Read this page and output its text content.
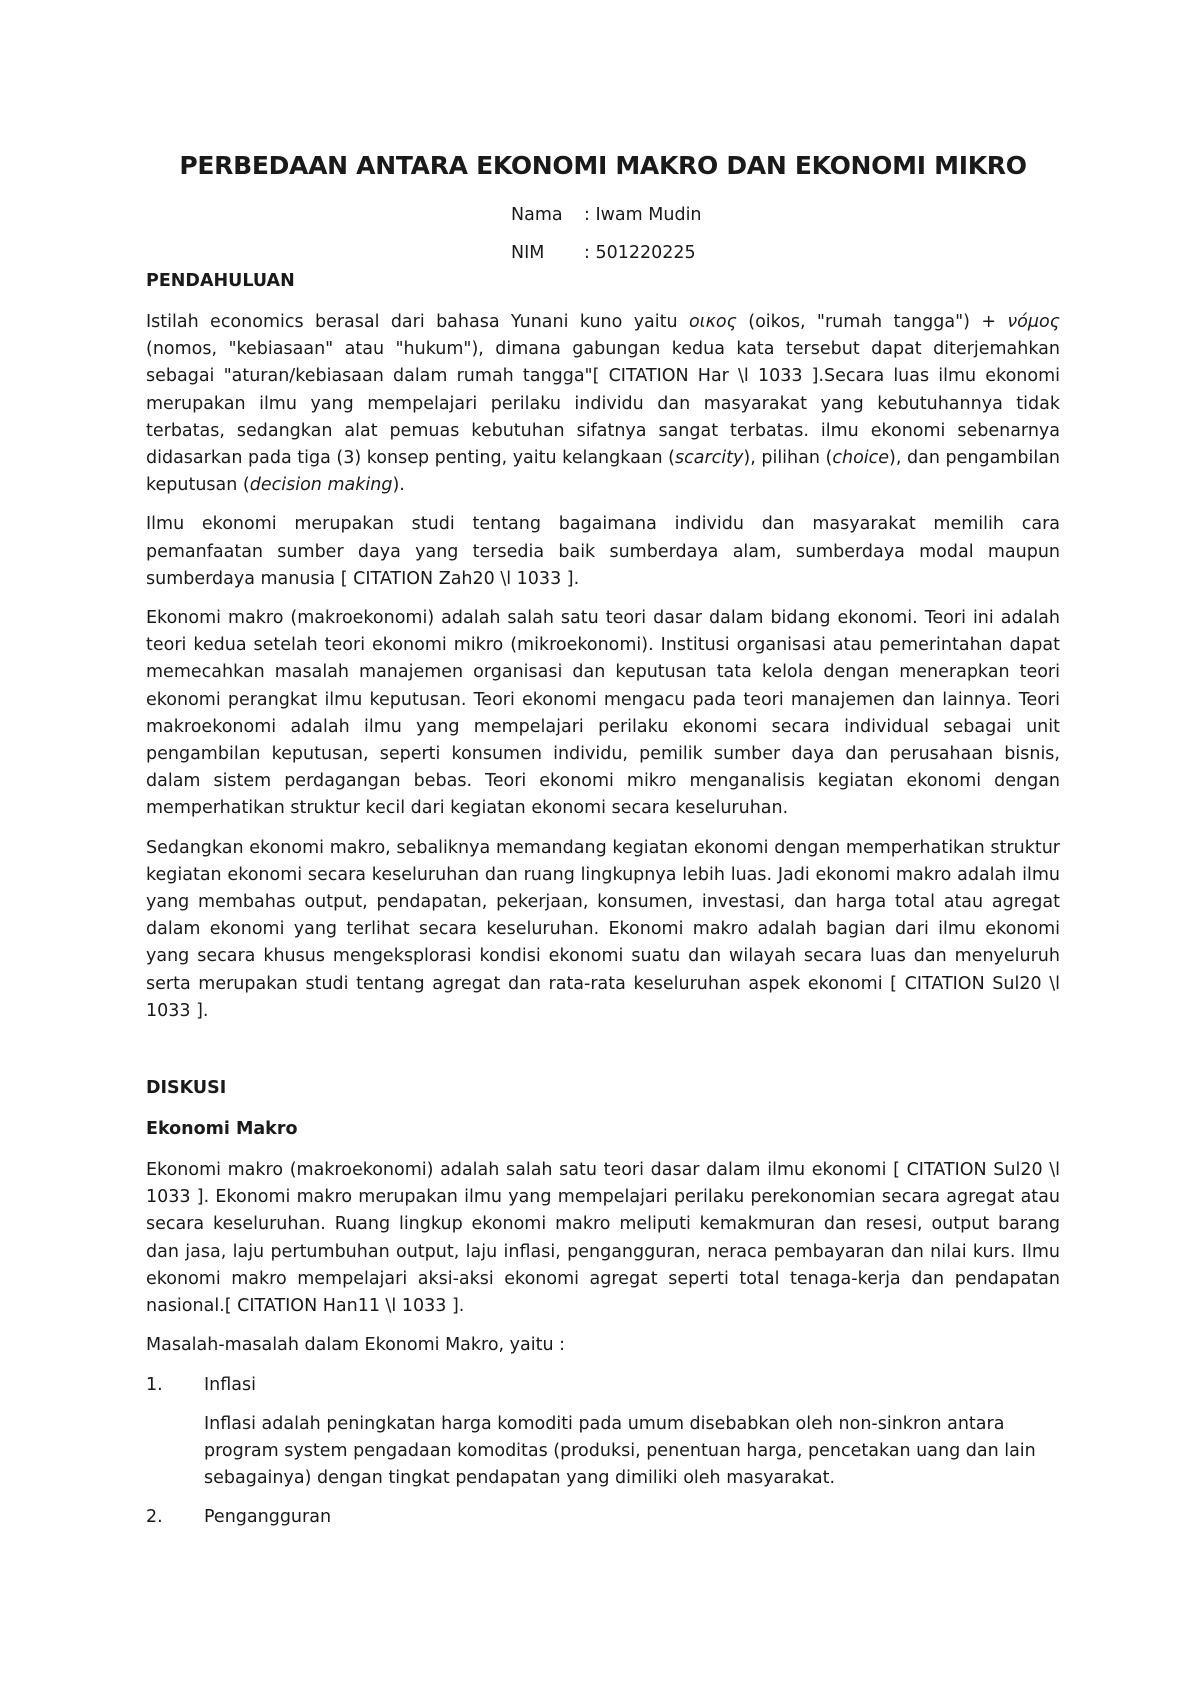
PERBEDAAN ANTARA EKONOMI MAKRO DAN EKONOMI MIKRO
Nama : Iwam Mudin
NIM : 501220225
PENDAHULUAN

Istilah economics berasal dari bahasa Yunani kuno yaitu οικος (oikos, "rumah tangga") + νόμος (nomos, "kebiasaan" atau "hukum"), dimana gabungan kedua kata tersebut dapat diterjemahkan sebagai "aturan/kebiasaan dalam rumah tangga"[ CITATION Har \l 1033 ].Secara luas ilmu ekonomi merupakan ilmu yang mempelajari perilaku individu dan masyarakat yang kebutuhannya tidak terbatas, sedangkan alat pemuas kebutuhan sifatnya sangat terbatas. ilmu ekonomi sebenarnya didasarkan pada tiga (3) konsep penting, yaitu kelangkaan (scarcity), pilihan (choice), dan pengambilan keputusan (decision making).

Ilmu ekonomi merupakan studi tentang bagaimana individu dan masyarakat memilih cara pemanfaatan sumber daya yang tersedia baik sumberdaya alam, sumberdaya modal maupun sumberdaya manusia [ CITATION Zah20 \l 1033 ].

Ekonomi makro (makroekonomi) adalah salah satu teori dasar dalam bidang ekonomi. Teori ini adalah teori kedua setelah teori ekonomi mikro (mikroekonomi). Institusi organisasi atau pemerintahan dapat memecahkan masalah manajemen organisasi dan keputusan tata kelola dengan menerapkan teori ekonomi perangkat ilmu keputusan. Teori ekonomi mengacu pada teori manajemen dan lainnya. Teori makroekonomi adalah ilmu yang mempelajari perilaku ekonomi secara individual sebagai unit pengambilan keputusan, seperti konsumen individu, pemilik sumber daya dan perusahaan bisnis, dalam sistem perdagangan bebas. Teori ekonomi mikro menganalisis kegiatan ekonomi dengan memperhatikan struktur kecil dari kegiatan ekonomi secara keseluruhan.

Sedangkan ekonomi makro, sebaliknya memandang kegiatan ekonomi dengan memperhatikan struktur kegiatan ekonomi secara keseluruhan dan ruang lingkupnya lebih luas. Jadi ekonomi makro adalah ilmu yang membahas output, pendapatan, pekerjaan, konsumen, investasi, dan harga total atau agregat dalam ekonomi yang terlihat secara keseluruhan. Ekonomi makro adalah bagian dari ilmu ekonomi yang secara khusus mengeksplorasi kondisi ekonomi suatu dan wilayah secara luas dan menyeluruh serta merupakan studi tentang agregat dan rata-rata keseluruhan aspek ekonomi [ CITATION Sul20 \l 1033 ].

DISKUSI
Ekonomi Makro

Ekonomi makro (makroekonomi) adalah salah satu teori dasar dalam ilmu ekonomi [ CITATION Sul20 \l 1033 ]. Ekonomi makro merupakan ilmu yang mempelajari perilaku perekonomian secara agregat atau secara keseluruhan. Ruang lingkup ekonomi makro meliputi kemakmuran dan resesi, output barang dan jasa, laju pertumbuhan output, laju inflasi, pengangguran, neraca pembayaran dan nilai kurs. Ilmu ekonomi makro mempelajari aksi-aksi ekonomi agregat seperti total tenaga-kerja dan pendapatan nasional.[ CITATION Han11 \l 1033 ].

Masalah-masalah dalam Ekonomi Makro, yaitu :

1. Inflasi

Inflasi adalah peningkatan harga komoditi pada umum disebabkan oleh non-sinkron antara program system pengadaan komoditas (produksi, penentuan harga, pencetakan uang dan lain sebagainya) dengan tingkat pendapatan yang dimiliki oleh masyarakat.

2. Pengangguran
